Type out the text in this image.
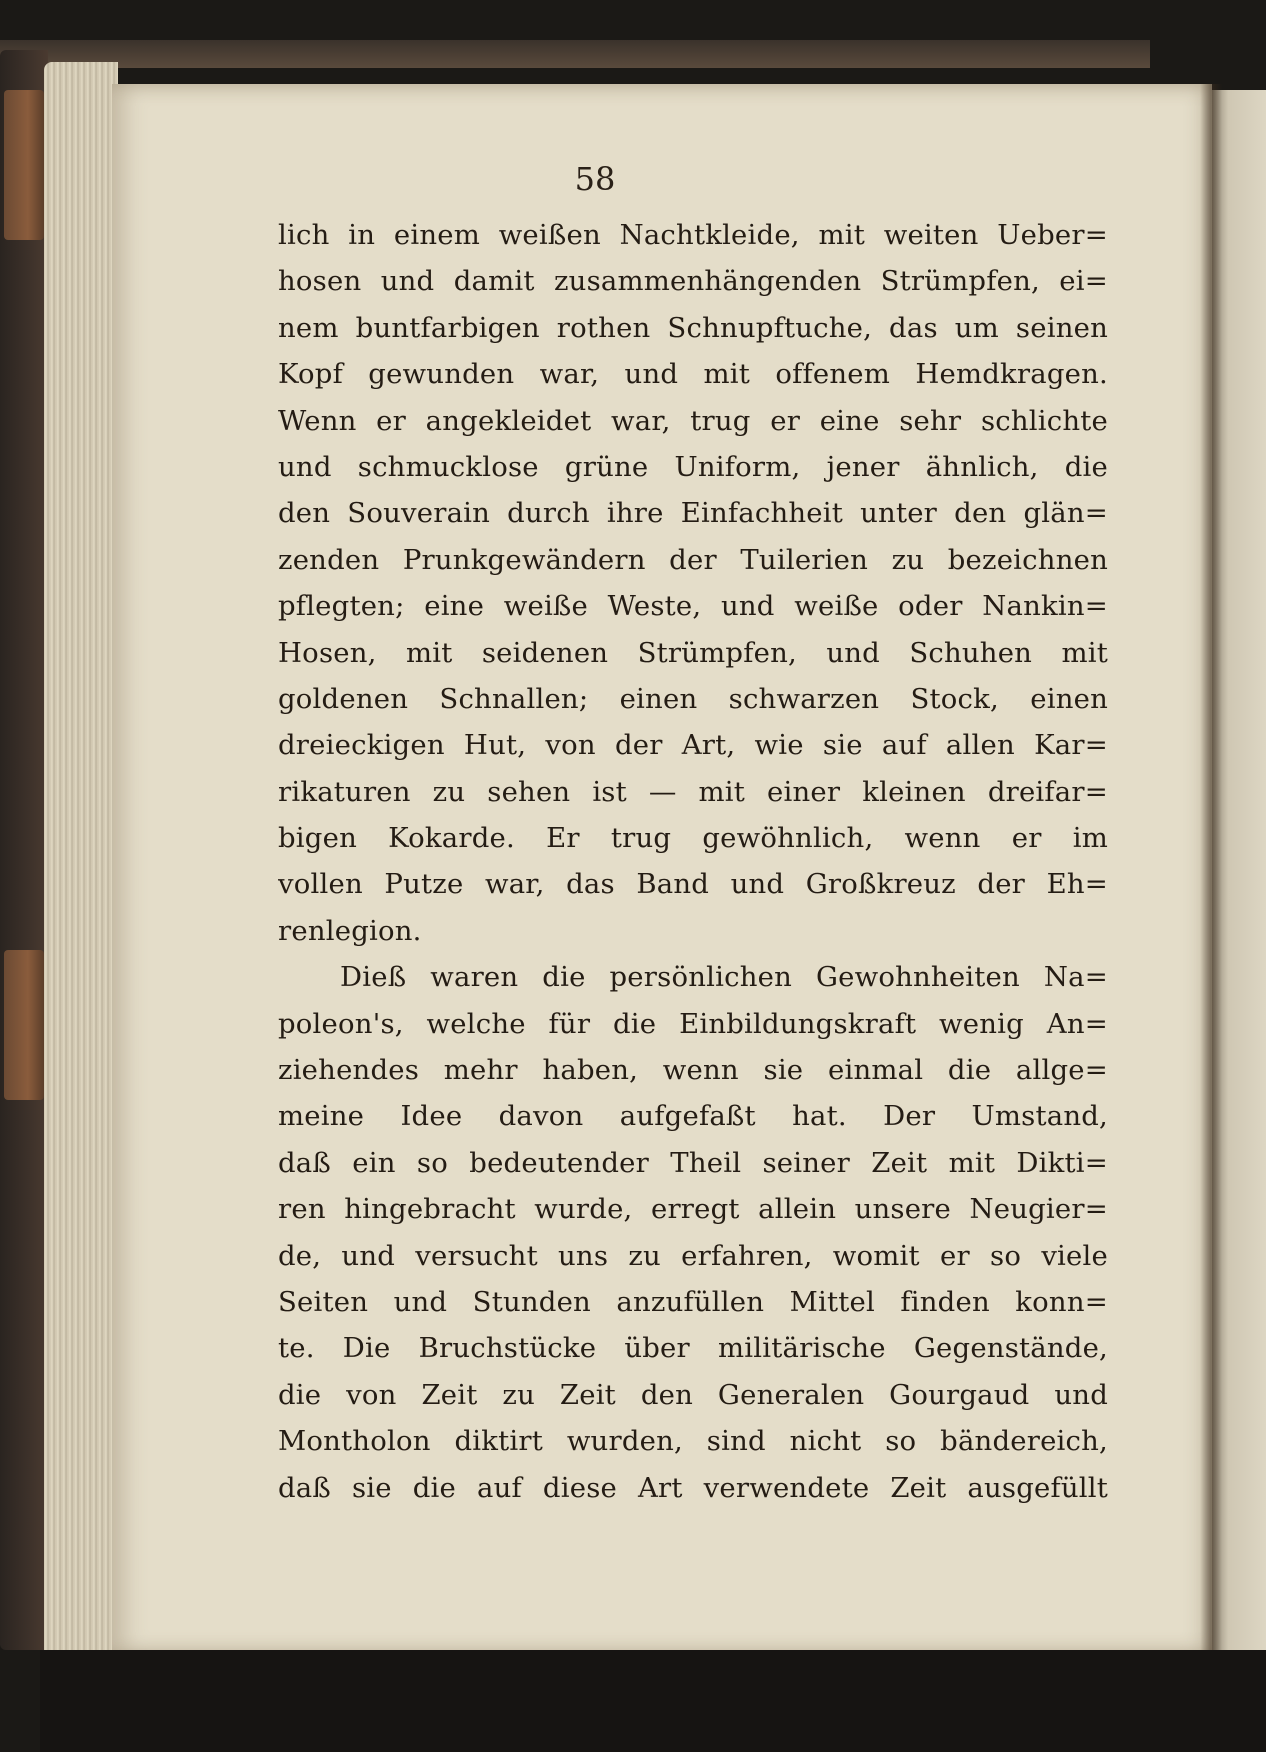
58
lich in einem weißen Nachtkleide, mit weiten Ueber=
hosen und damit zusammenhängenden Strümpfen, ei=
nem buntfarbigen rothen Schnupftuche, das um seinen
Kopf gewunden war, und mit offenem Hemdkragen.
Wenn er angekleidet war, trug er eine sehr schlichte
und schmucklose grüne Uniform, jener ähnlich, die
den Souverain durch ihre Einfachheit unter den glän=
zenden Prunkgewändern der Tuilerien zu bezeichnen
pflegten; eine weiße Weste, und weiße oder Nankin=
Hosen, mit seidenen Strümpfen, und Schuhen mit
goldenen Schnallen; einen schwarzen Stock, einen
dreieckigen Hut, von der Art, wie sie auf allen Kar=
rikaturen zu sehen ist — mit einer kleinen dreifar=
bigen Kokarde. Er trug gewöhnlich, wenn er im
vollen Putze war, das Band und Großkreuz der Eh=
renlegion.
Dieß waren die persönlichen Gewohnheiten Na=
poleon's, welche für die Einbildungskraft wenig An=
ziehendes mehr haben, wenn sie einmal die allge=
meine Idee davon aufgefaßt hat. Der Umstand,
daß ein so bedeutender Theil seiner Zeit mit Dikti=
ren hingebracht wurde, erregt allein unsere Neugier=
de, und versucht uns zu erfahren, womit er so viele
Seiten und Stunden anzufüllen Mittel finden konn=
te. Die Bruchstücke über militärische Gegenstände,
die von Zeit zu Zeit den Generalen Gourgaud und
Montholon diktirt wurden, sind nicht so bändereich,
daß sie die auf diese Art verwendete Zeit ausgefüllt
